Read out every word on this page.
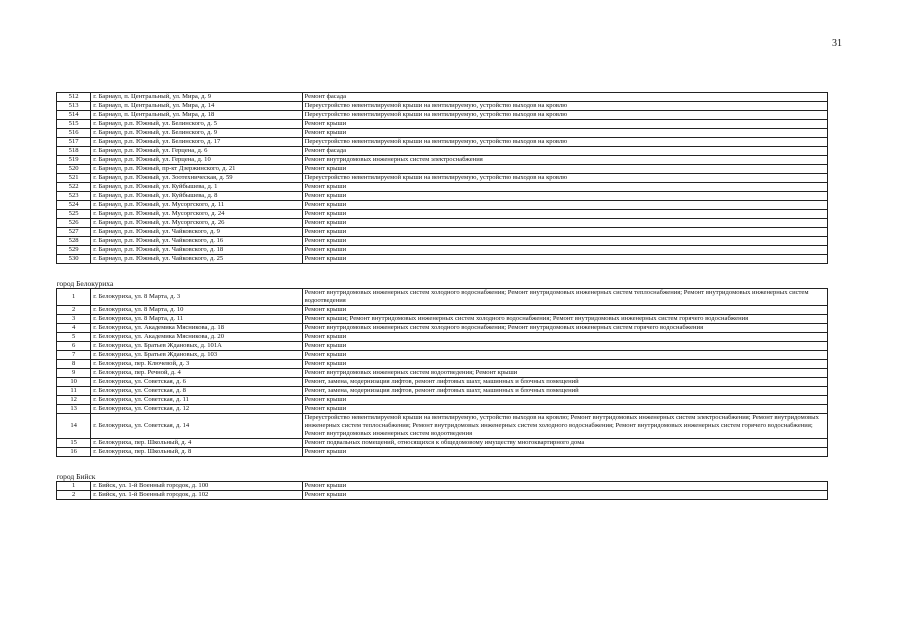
31
512	г. Барнаул, п. Центральный, ул. Мира, д. 9	Ремонт фасада
513	г. Барнаул, п. Центральный, ул. Мира, д. 14	Переустройство невентилируемой крыши на вентилируемую, устройство выходов на кровлю
514	г. Барнаул, п. Центральный, ул. Мира, д. 18	Переустройство невентилируемой крыши на вентилируемую, устройство выходов на кровлю
515	г. Барнаул, р.п. Южный, ул. Белинского, д. 5	Ремонт крыши
516	г. Барнаул, р.п. Южный, ул. Белинского, д. 9	Ремонт крыши
517	г. Барнаул, р.п. Южный, ул. Белинского, д. 17	Переустройство невентилируемой крыши на вентилируемую, устройство выходов на кровлю
518	г. Барнаул, р.п. Южный, ул. Герцена, д. 6	Ремонт фасада
519	г. Барнаул, р.п. Южный, ул. Герцена, д. 10	Ремонт внутридомовых инженерных систем электроснабжения
520	г. Барнаул, р.п. Южный, пр-кт Дзержинского, д. 21	Ремонт крыши
521	г. Барнаул, р.п. Южный, ул. Зоотехническая, д. 59	Переустройство невентилируемой крыши на вентилируемую, устройство выходов на кровлю
522	г. Барнаул, р.п. Южный, ул. Куйбышева, д. 1	Ремонт крыши
523	г. Барнаул, р.п. Южный, ул. Куйбышева, д. 8	Ремонт крыши
524	г. Барнаул, р.п. Южный, ул. Мусоргского, д. 11	Ремонт крыши
525	г. Барнаул, р.п. Южный, ул. Мусоргского, д. 24	Ремонт крыши
526	г. Барнаул, р.п. Южный, ул. Мусоргского, д. 26	Ремонт крыши
527	г. Барнаул, р.п. Южный, ул. Чайковского, д. 9	Ремонт крыши
528	г. Барнаул, р.п. Южный, ул. Чайковского, д. 16	Ремонт крыши
529	г. Барнаул, р.п. Южный, ул. Чайковского, д. 18	Ремонт крыши
530	г. Барнаул, р.п. Южный, ул. Чайковского, д. 25	Ремонт крыши

город Белокуриха		
1	г. Белокуриха, ул. 8 Марта, д. 3	Ремонт внутридомовых инженерных систем холодного водоснабжения; Ремонт внутридомовых инженерных систем теплоснабжения; Ремонт внутридомовых инженерных систем водоотведения
2	г. Белокуриха, ул. 8 Марта, д. 10	Ремонт крыши
3	г. Белокуриха, ул. 8 Марта, д. 11	Ремонт крыши; Ремонт внутридомовых инженерных систем холодного водоснабжения; Ремонт внутридомовых инженерных систем горячего водоснабжения
4	г. Белокуриха, ул. Академика Мясникова, д. 18	Ремонт внутридомовых инженерных систем холодного водоснабжения; Ремонт внутридомовых инженерных систем горячего водоснабжения
5	г. Белокуриха, ул. Академика Мясникова, д. 20	Ремонт крыши
6	г. Белокуриха, ул. Братьев Ждановых, д. 101А	Ремонт крыши
7	г. Белокуриха, ул. Братьев Ждановых, д. 103	Ремонт крыши
8	г. Белокуриха, пер. Ключевой, д. 3	Ремонт крыши
9	г. Белокуриха, пер. Речной, д. 4	Ремонт внутридомовых инженерных систем водоотведения; Ремонт крыши
10	г. Белокуриха, ул. Советская, д. 6	Ремонт, замена, модернизация лифтов, ремонт лифтовых шахт, машинных и блочных помещений
11	г. Белокуриха, ул. Советская, д. 8	Ремонт, замена, модернизация лифтов, ремонт лифтовых шахт, машинных и блочных помещений
12	г. Белокуриха, ул. Советская, д. 11	Ремонт крыши
13	г. Белокуриха, ул. Советская, д. 12	Ремонт крыши
14	г. Белокуриха, ул. Советская, д. 14	Переустройство невентилируемой крыши на вентилируемую, устройство выходов на кровлю; Ремонт внутридомовых инженерных систем электроснабжения; Ремонт внутридомовых инженерных систем теплоснабжения; Ремонт внутридомовых инженерных систем холодного водоснабжения; Ремонт внутридомовых инженерных систем горячего водоснабжения; Ремонт внутридомовых инженерных систем водоотведения
15	г. Белокуриха, пер. Школьный, д. 4	Ремонт подвальных помещений, относящихся к общедомовому имуществу многоквартирного дома
16	г. Белокуриха, пер. Школьный, д. 8	Ремонт крыши

город Бийск		
1	г. Бийск, ул. 1-й Военный городок, д. 100	Ремонт крыши
2	г. Бийск, ул. 1-й Военный городок, д. 102	Ремонт крыши
